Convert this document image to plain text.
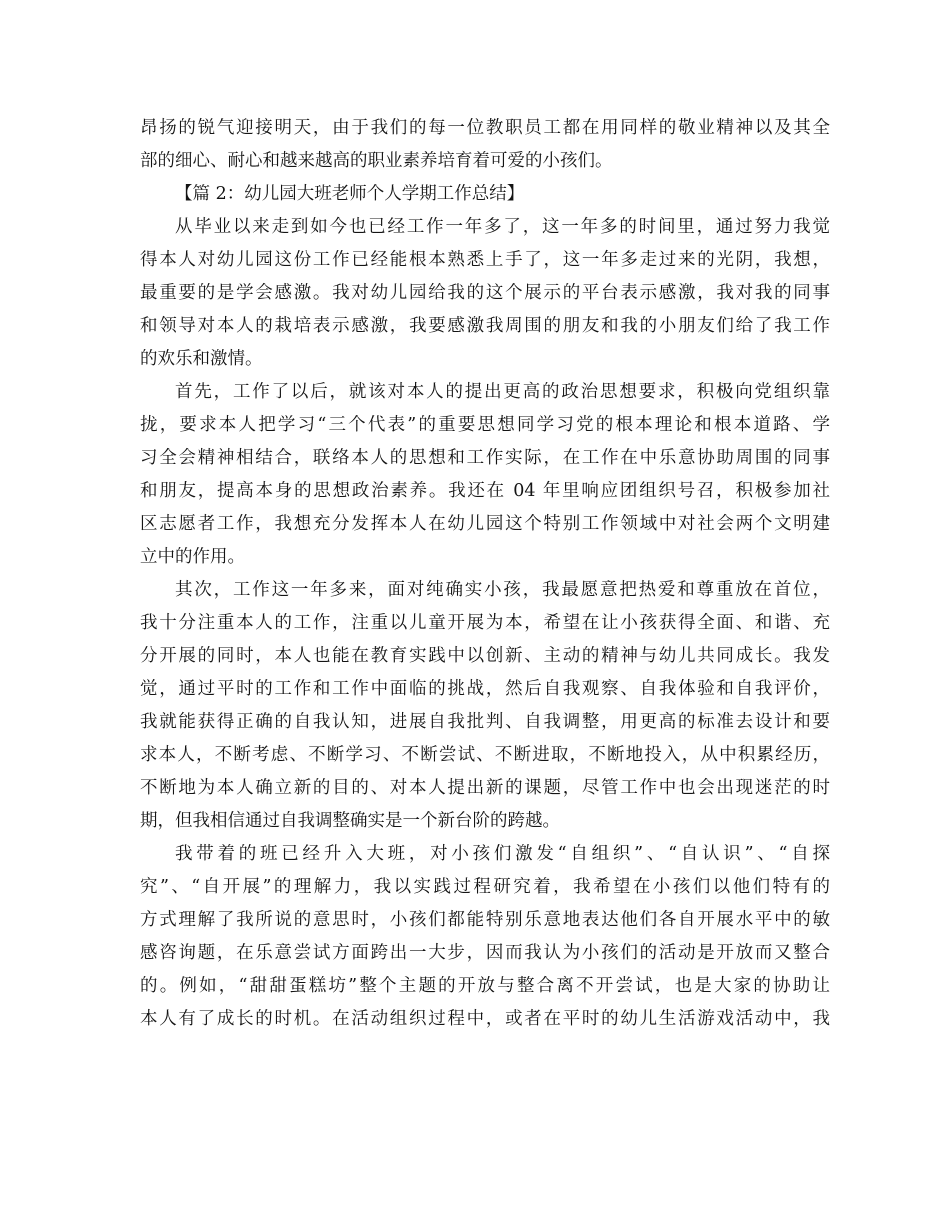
昂扬的锐气迎接明天，由于我们的每一位教职员工都在用同样的敬业精神以及其全
部的细心、耐心和越来越高的职业素养培育着可爱的小孩们。
【篇 2：幼儿园大班老师个人学期工作总结】
从毕业以来走到如今也已经工作一年多了，这一年多的时间里，通过努力我觉
得本人对幼儿园这份工作已经能根本熟悉上手了，这一年多走过来的光阴，我想，
最重要的是学会感激。我对幼儿园给我的这个展示的平台表示感激，我对我的同事
和领导对本人的栽培表示感激，我要感激我周围的朋友和我的小朋友们给了我工作
的欢乐和激情。
首先，工作了以后，就该对本人的提出更高的政治思想要求，积极向党组织靠
拢，要求本人把学习“三个代表”的重要思想同学习党的根本理论和根本道路、学
习全会精神相结合，联络本人的思想和工作实际，在工作在中乐意协助周围的同事
和朋友，提高本身的思想政治素养。我还在 04 年里响应团组织号召，积极参加社
区志愿者工作，我想充分发挥本人在幼儿园这个特别工作领域中对社会两个文明建
立中的作用。
其次，工作这一年多来，面对纯确实小孩，我最愿意把热爱和尊重放在首位，
我十分注重本人的工作，注重以儿童开展为本，希望在让小孩获得全面、和谐、充
分开展的同时，本人也能在教育实践中以创新、主动的精神与幼儿共同成长。我发
觉，通过平时的工作和工作中面临的挑战，然后自我观察、自我体验和自我评价，
我就能获得正确的自我认知，进展自我批判、自我调整，用更高的标准去设计和要
求本人，不断考虑、不断学习、不断尝试、不断进取，不断地投入，从中积累经历，
不断地为本人确立新的目的、对本人提出新的课题，尽管工作中也会出现迷茫的时
期，但我相信通过自我调整确实是一个新台阶的跨越。
我带着的班已经升入大班，对小孩们激发“自组织”、“自认识”、“自探
究”、“自开展”的理解力，我以实践过程研究着，我希望在小孩们以他们特有的
方式理解了我所说的意思时，小孩们都能特别乐意地表达他们各自开展水平中的敏
感咨询题，在乐意尝试方面跨出一大步，因而我认为小孩们的活动是开放而又整合
的。例如，“甜甜蛋糕坊”整个主题的开放与整合离不开尝试，也是大家的协助让
本人有了成长的时机。在活动组织过程中，或者在平时的幼儿生活游戏活动中，我
